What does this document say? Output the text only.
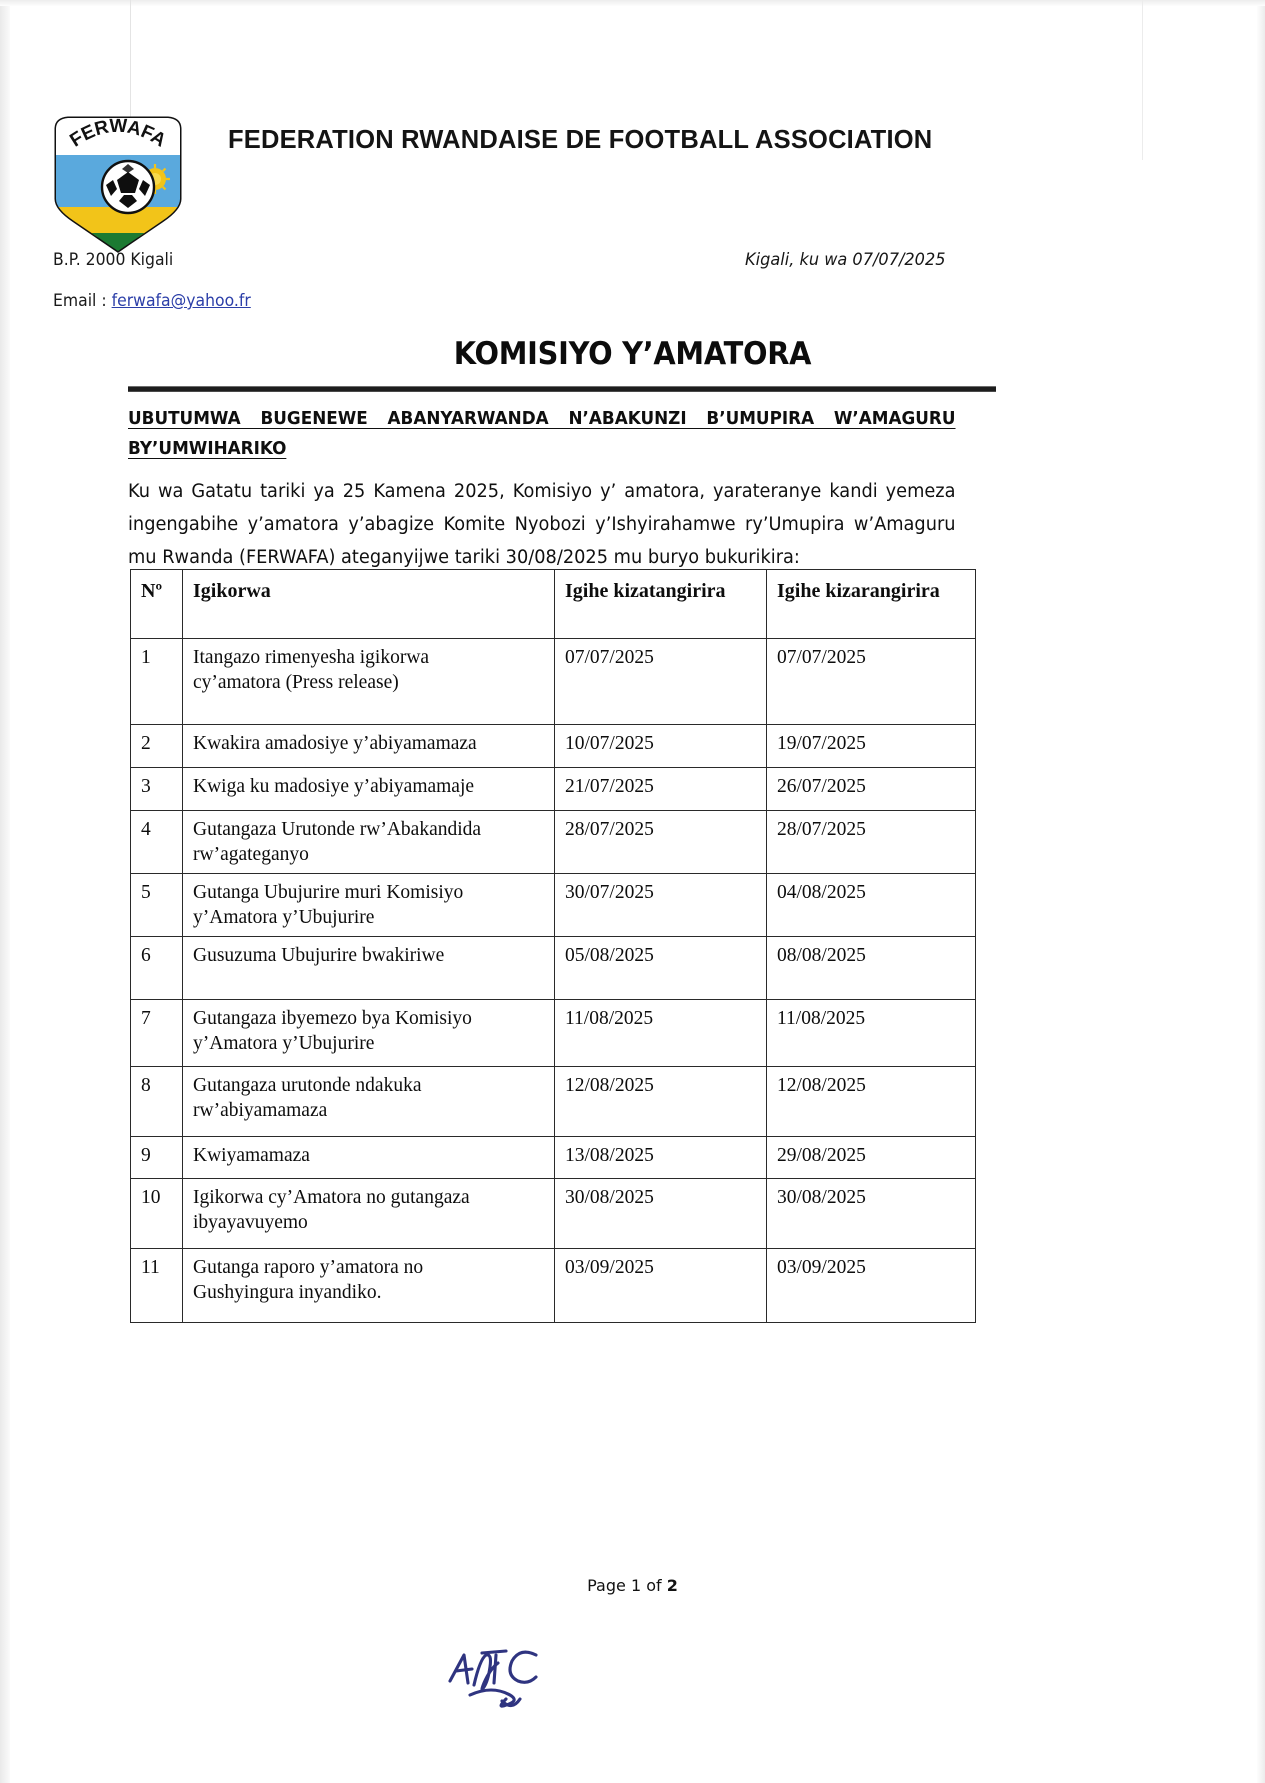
FERWAFA FEDERATION RWANDAISE DE FOOTBALL ASSOCIATION
B.P. 2000 Kigali
Email : ferwafa@yahoo.fr
Kigali, ku wa 07/07/2025
KOMISIYO Y’AMATORA
UBUTUMWA BUGENEWE ABANYARWANDA N’ABAKUNZI B’UMUPIRA W’AMAGURU
BY’UMWIHARIKO
Ku wa Gatatu tariki ya 25 Kamena 2025, Komisiyo y’ amatora, yarateranye kandi yemeza ingengabihe y’amatora y’abagize Komite Nyobozi y’Ishyirahamwe ry’Umupira w’Amaguru mu Rwanda (FERWAFA) ateganyijwe tariki 30/08/2025 mu buryo bukurikira:
Nº	Igikorwa	Igihe kizatangirira	Igihe kizarangirira
1	Itangazo rimenyesha igikorwa
cy’amatora (Press release)	07/07/2025	07/07/2025
2	Kwakira amadosiye y’abiyamamaza	10/07/2025	19/07/2025
3	Kwiga ku madosiye y’abiyamamaje	21/07/2025	26/07/2025
4	Gutangaza Urutonde rw’Abakandida
rw’agateganyo	28/07/2025	28/07/2025
5	Gutanga Ubujurire muri Komisiyo
y’Amatora y’Ubujurire	30/07/2025	04/08/2025
6	Gusuzuma Ubujurire bwakiriwe	05/08/2025	08/08/2025
7	Gutangaza ibyemezo bya Komisiyo
y’Amatora y’Ubujurire	11/08/2025	11/08/2025
8	Gutangaza urutonde ndakuka
rw’abiyamamaza	12/08/2025	12/08/2025
9	Kwiyamamaza	13/08/2025	29/08/2025
10	Igikorwa cy’Amatora no gutangaza
ibyayavuyemo	30/08/2025	30/08/2025
11	Gutanga raporo y’amatora no
Gushyingura inyandiko.	03/09/2025	03/09/2025
Page 1 of 2
